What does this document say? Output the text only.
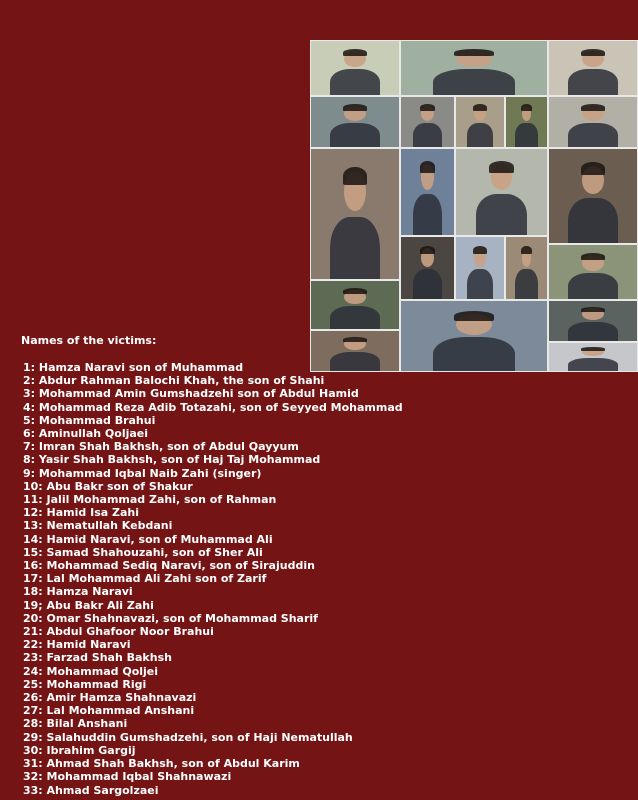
Names of the victims:
1: Hamza Naravi son of Muhammad
2: Abdur Rahman Balochi Khah, the son of Shahi
3: Mohammad Amin Gumshadzehi son of Abdul Hamid
4: Mohammad Reza Adib Totazahi, son of Seyyed Mohammad
5: Mohammad Brahui
6: Aminullah Qoljaei
7: Imran Shah Bakhsh, son of Abdul Qayyum
8: Yasir Shah Bakhsh, son of Haj Taj Mohammad
9: Mohammad Iqbal Naib Zahi (singer)
10: Abu Bakr son of Shakur
11: Jalil Mohammad Zahi, son of Rahman
12: Hamid Isa Zahi
13: Nematullah Kebdani
14: Hamid Naravi, son of Muhammad Ali
15: Samad Shahouzahi, son of Sher Ali
16: Mohammad Sediq Naravi, son of Sirajuddin
17: Lal Mohammad Ali Zahi son of Zarif
18: Hamza Naravi
19; Abu Bakr Ali Zahi
20: Omar Shahnavazi, son of Mohammad Sharif
21: Abdul Ghafoor Noor Brahui
22: Hamid Naravi
23: Farzad Shah Bakhsh
24: Mohammad Qoljei
25: Mohammad Rigi
26: Amir Hamza Shahnavazi
27: Lal Mohammad Anshani
28: Bilal Anshani
29: Salahuddin Gumshadzehi, son of Haji Nematullah
30: Ibrahim Gargij
31: Ahmad Shah Bakhsh, son of Abdul Karim
32: Mohammad Iqbal Shahnawazi
33: Ahmad Sargolzaei
